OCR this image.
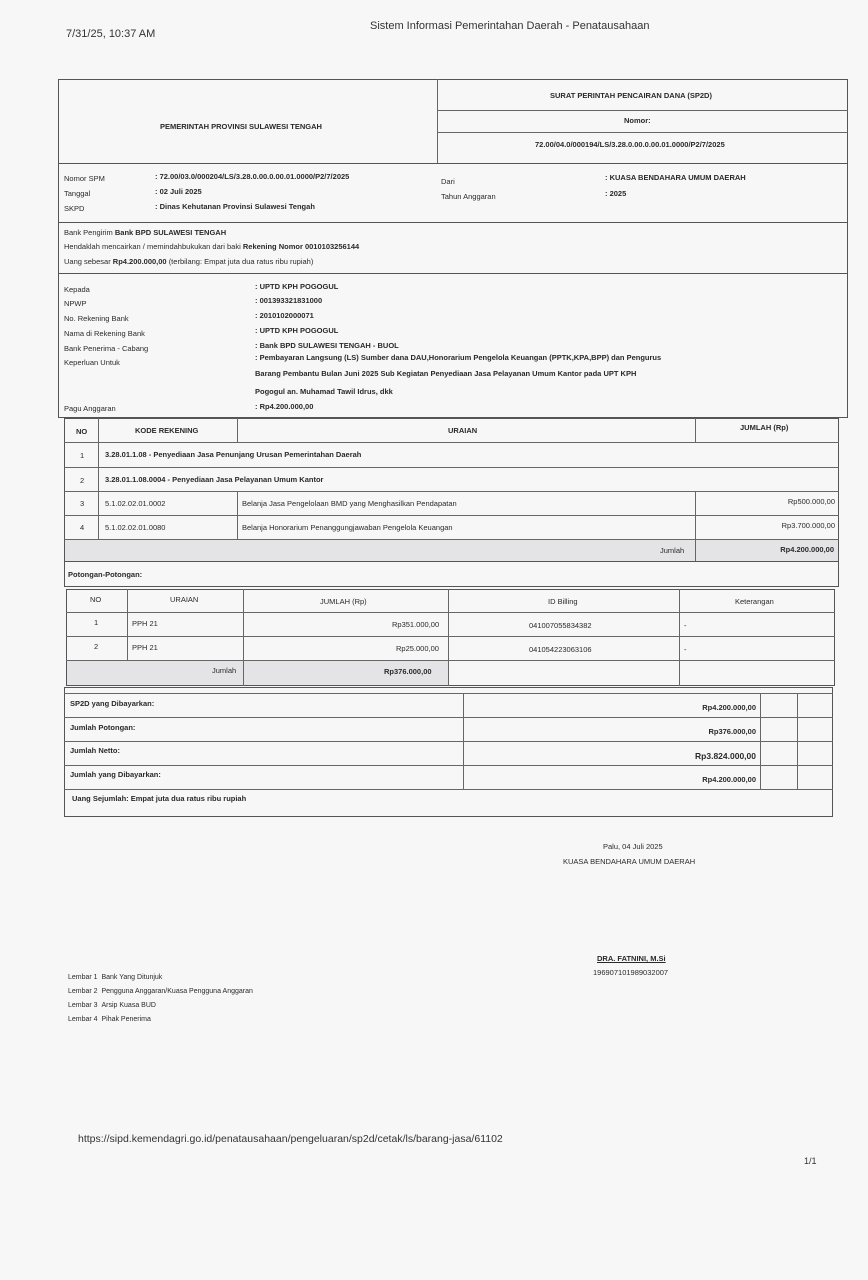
7/31/25, 10:37 AM
Sistem Informasi Pemerintahan Daerah - Penatausahaan
PEMERINTAH PROVINSI SULAWESI TENGAH
SURAT PERINTAH PENCAIRAN DANA (SP2D)
Nomor:
72.00/04.0/000194/LS/3.28.0.00.0.00.01.0000/P2/7/2025
Nomor SPM	: 72.00/03.0/000204/LS/3.28.0.00.0.00.01.0000/P2/7/2025
Tanggal	: 02 Juli 2025
SKPD	: Dinas Kehutanan Provinsi Sulawesi Tengah
Dari	: KUASA BENDAHARA UMUM DAERAH
Tahun Anggaran	: 2025
Bank Pengirim Bank BPD SULAWESI TENGAH
Hendaklah mencairkan / memindahbukukan dari baki Rekening Nomor 0010103256144
Uang sebesar Rp4.200.000,00 (terbilang: Empat juta dua ratus ribu rupiah)
Kepada	: UPTD KPH POGOGUL
NPWP	: 001393321831000
No. Rekening Bank	: 2010102000071
Nama di Rekening Bank	: UPTD KPH POGOGUL
Bank Penerima - Cabang	: Bank BPD SULAWESI TENGAH - BUOL
Keperluan Untuk
: Pembayaran Langsung (LS) Sumber dana DAU,Honorarium Pengelola Keuangan (PPTK,KPA,BPP) dan Pengurus
Barang Pembantu Bulan Juni 2025 Sub Kegiatan Penyediaan Jasa Pelayanan Umum Kantor pada UPT KPH
Pogogul an. Muhamad Tawil Idrus, dkk
Pagu Anggaran	: Rp4.200.000,00
NO	KODE REKENING	URAIAN	JUMLAH (Rp)
1	3.28.01.1.08 - Penyediaan Jasa Penunjang Urusan Pemerintahan Daerah
2	3.28.01.1.08.0004 - Penyediaan Jasa Pelayanan Umum Kantor
3	5.1.02.02.01.0002	Belanja Jasa Pengelolaan BMD yang Menghasilkan Pendapatan	Rp500.000,00
4	5.1.02.02.01.0080	Belanja Honorarium Penanggungjawaban Pengelola Keuangan	Rp3.700.000,00
Jumlah	Rp4.200.000,00
Potongan-Potongan:
NO	URAIAN	JUMLAH (Rp)	ID Billing	Keterangan
1	PPH 21	Rp351.000,00	041007055834382	-
2	PPH 21	Rp25.000,00	041054223063106	-
Jumlah	Rp376.000,00
SP2D yang Dibayarkan:	Rp4.200.000,00
Jumlah Potongan:	Rp376.000,00
Jumlah Netto:
Rp3.824.000,00
Jumlah yang Dibayarkan:
Rp4.200.000,00
Uang Sejumlah: Empat juta dua ratus ribu rupiah
Palu, 04 Juli 2025
KUASA BENDAHARA UMUM DAERAH
DRA. FATNINI, M.Si
196907101989032007
Lembar 1 Bank Yang Ditunjuk
Lembar 2 Pengguna Anggaran/Kuasa Pengguna Anggaran
Lembar 3 Arsip Kuasa BUD
Lembar 4 Pihak Penerima
https://sipd.kemendagri.go.id/penatausahaan/pengeluaran/sp2d/cetak/ls/barang-jasa/61102
1/1
